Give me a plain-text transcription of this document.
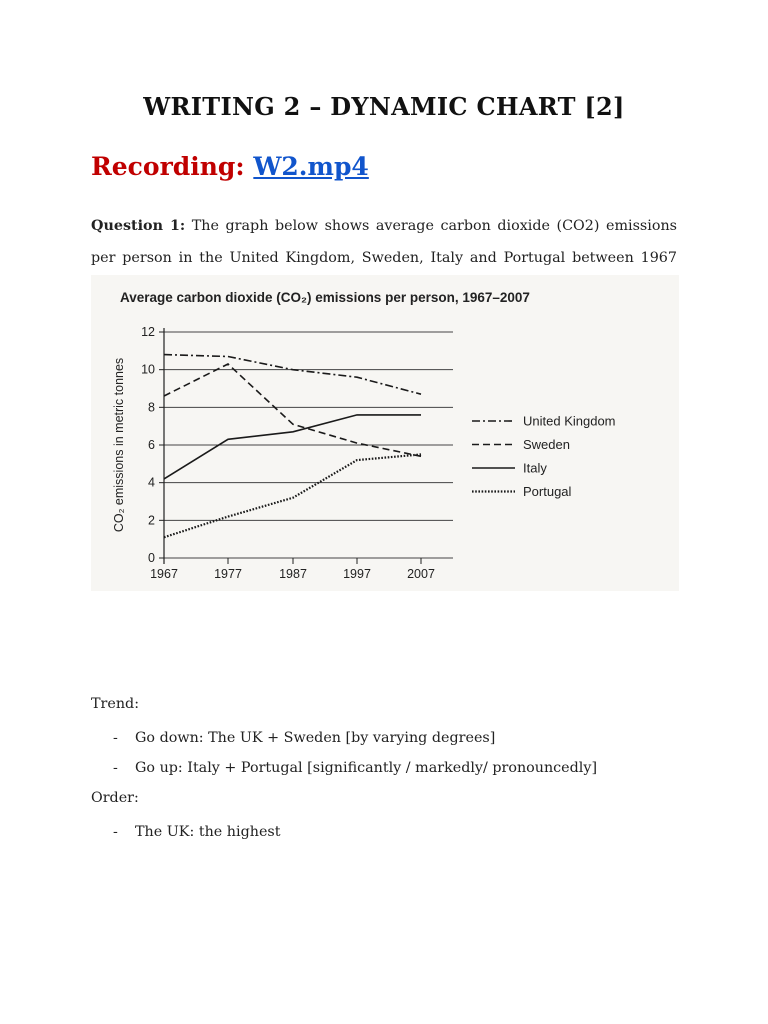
WRITING 2 – DYNAMIC CHART [2]
Recording: W2.mp4
Question 1: The graph below shows average carbon dioxide (CO2) emissions per person in the United Kingdom, Sweden, Italy and Portugal between 1967
Average carbon dioxide (CO₂) emissions per person, 1967–2007
CO₂ emissions in metric tonnes
0
2
4
6
8
10
12
1967	1977	1987	1997	2007
United Kingdom
Sweden
Italy
Portugal
Trend:
- Go down: The UK + Sweden [by varying degrees]
- Go up: Italy + Portugal [significantly / markedly/ pronouncedly]
Order:
- The UK: the highest
